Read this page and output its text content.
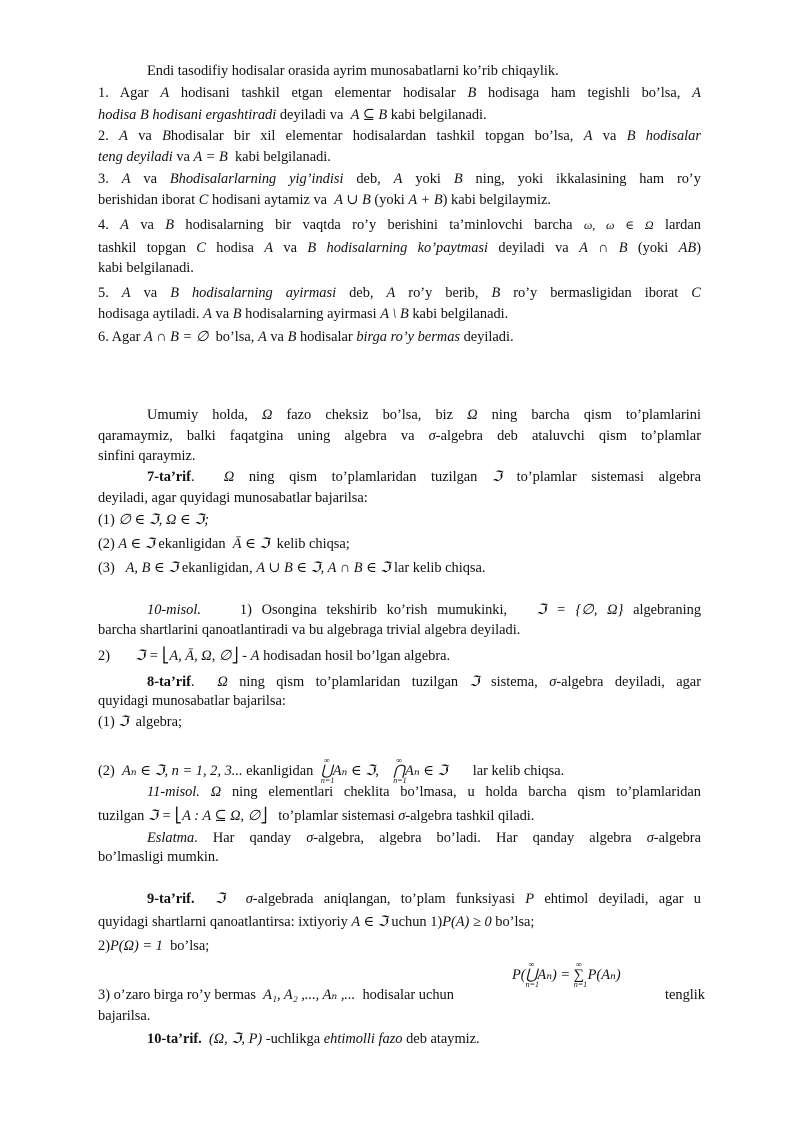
Endi tasodifiy hodisalar orasida ayrim munosabatlarni ko’rib chiqaylik.
1. Agar A hodisani tashkil etgan elementar hodisalar B hodisaga ham tegishli bo’lsa, A
hodisa B hodisani ergashtiradi deyiladi va A ⊆ B kabi belgilanadi.
2. A va Bhodisalar bir xil elementar hodisalardan tashkil topgan bo’lsa, A va B hodisalar
teng deyiladi va A = B kabi belgilanadi.
3. A va Bhodisalarlarning yig’indisi deb, A yoki B ning, yoki ikkalasining ham ro’y
berishidan iborat C hodisani aytamiz va A ∪ B (yoki A + B) kabi belgilaymiz.
4. A va B hodisalarning bir vaqtda ro’y berishini ta’minlovchi barcha ω, ω ∈ Ω lardan
tashkil topgan C hodisa A va B hodisalarning ko’paytmasi deyiladi va A ∩ B (yoki AB)
kabi belgilanadi.
5. A va B hodisalarning ayirmasi deb, A ro’y berib, B ro’y bermasligidan iborat C
hodisaga aytiladi. A va B hodisalarning ayirmasi A \ B kabi belgilanadi.
6. Agar A ∩ B = ∅ bo’lsa, A va B hodisalar birga ro’y bermas deyiladi.
Umumiy holda, Ω fazo cheksiz bo’lsa, biz Ω ning barcha qism to’plamlarini
qaramaymiz, balki faqatgina uning algebra va σ-algebra deb ataluvchi qism to’plamlar
sinfini qaraymiz.
7-ta’rif. Ω ning qism to’plamlaridan tuzilgan ℑ to’plamlar sistemasi algebra
deyiladi, agar quyidagi munosabatlar bajarilsa:
(1) ∅ ∈ ℑ, Ω ∈ ℑ;
(2) A ∈ ℑ ekanligidan Ā ∈ ℑ kelib chiqsa;
(3) A, B ∈ ℑ ekanligidan, A ∪ B ∈ ℑ, A ∩ B ∈ ℑ lar kelib chiqsa.
10-misol.	1) Osongina tekshirib ko’rish mumukinki, ℑ = {∅, Ω} algebraning
barcha shartlarini qanoatlantiradi va bu algebraga trivial algebra deyiladi.
2) ℑ = ⎣A, Ā, Ω, ∅⎦ - A hodisadan hosil bo’lgan algebra.
8-ta’rif. Ω ning qism to’plamlaridan tuzilgan ℑ sistema, σ-algebra deyiladi, agar
quyidagi munosabatlar bajarilsa:
(1) ℑ algebra;
(2) Aₙ ∈ ℑ, n = 1, 2, 3... ekanligidan
∞
⋃
n=1
Aₙ ∈ ℑ,
∞
⋂
n=1
Aₙ ∈ ℑ lar kelib chiqsa.
11-misol. Ω ning elementlari cheklita bo’lmasa, u holda barcha qism to’plamlaridan
tuzilgan ℑ = ⎣A : A ⊆ Ω, ∅⎦ to’plamlar sistemasi σ-algebra tashkil qiladi.
Eslatma. Har qanday σ-algebra, algebra bo’ladi. Har qanday algebra σ-algebra
bo’lmasligi mumkin.
9-ta’rif. ℑ σ-algebrada aniqlangan, to’plam funksiyasi P ehtimol deyiladi, agar u
quyidagi shartlarni qanoatlantirsa: ixtiyoriy A ∈ ℑ uchun 1)P(A) ≥ 0 bo’lsa;
2)P(Ω) = 1 bo’lsa;
3) o’zaro birga ro’y bermas A₁, A₂ ,..., Aₙ ,... hodisalar uchun
P(
∞
⋃
n=1
Aₙ) =
∞
∑
n=1
P(Aₙ)
tenglik
bajarilsa.
10-ta’rif. (Ω, ℑ, P) -uchlikga ehtimolli fazo deb ataymiz.
